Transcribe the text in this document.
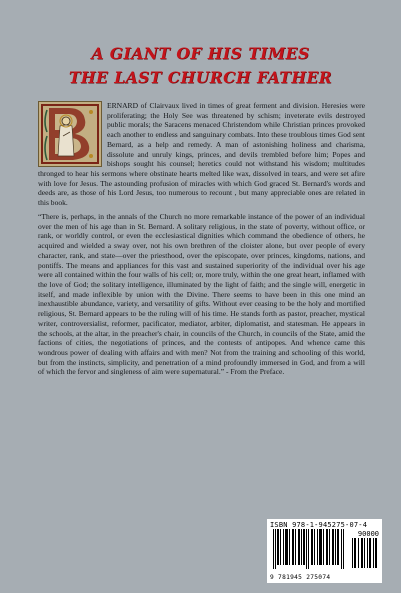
A GIANT OF HIS TIMES
THE LAST CHURCH FATHER

ERNARD of Clairvaux lived in times of great ferment and division. Heresies were proliferating; the Holy See was threatened by schism; inveterate evils destroyed public morals; the Saracens menaced Christendom while Christian princes provoked each another to endless and sanguinary combats. Into these troublous times God sent Bernard, as a help and remedy. A man of astonishing holiness and charisma, dissolute and unruly kings, princes, and devils trembled before him; Popes and bishops sought his counsel; heretics could not withstand his wisdom; multitudes thronged to hear his sermons where obstinate hearts melted like wax, dissolved in tears, and were set afire with love for Jesus. The astounding profusion of miracles with which God graced St. Bernard's words and deeds are, as those of his Lord Jesus, too numerous to recount , but many appreciable ones are related in this book.

“There is, perhaps, in the annals of the Church no more remarkable instance of the power of an individual over the men of his age than in St. Bernard. A solitary religious, in the state of poverty, without office, or rank, or worldly control, or even the ecclesiastical dignities which command the obedience of others, he acquired and wielded a sway over, not his own brethren of the cloister alone, but over people of every character, rank, and state—over the priesthood, over the episcopate, over princes, kingdoms, nations, and pontiffs. The means and appliances for this vast and sustained superiority of the individual over his age were all contained within the four walls of his cell; or, more truly, within the one great heart, inflamed with the love of God; the solitary intelligence, illuminated by the light of faith; and the single will, energetic in itself, and made inflexible by union with the Divine. There seems to have been in this one mind an inexhaustible abundance, variety, and versatility of gifts. Without ever ceasing to be the holy and mortified religious, St. Bernard appears to be the ruling will of his time. He stands forth as pastor, preacher, mystical writer, controversialist, reformer, pacificator, mediator, arbiter, diplomatist, and statesman. He appears in the schools, at the altar, in the preacher's chair, in councils of the Church, in councils of the State, amid the factions of cities, the negotiations of princes, and the contests of antipopes. And whence came this wondrous power of dealing with affairs and with men? Not from the training and schooling of this world, but from the instincts, simplicity, and penetration of a mind profoundly immersed in God, and from a will of which the fervor and singleness of aim were supernatural.” - From the Preface.

ISBN 978-1-945275-07-4
90000
9 781945 275074
